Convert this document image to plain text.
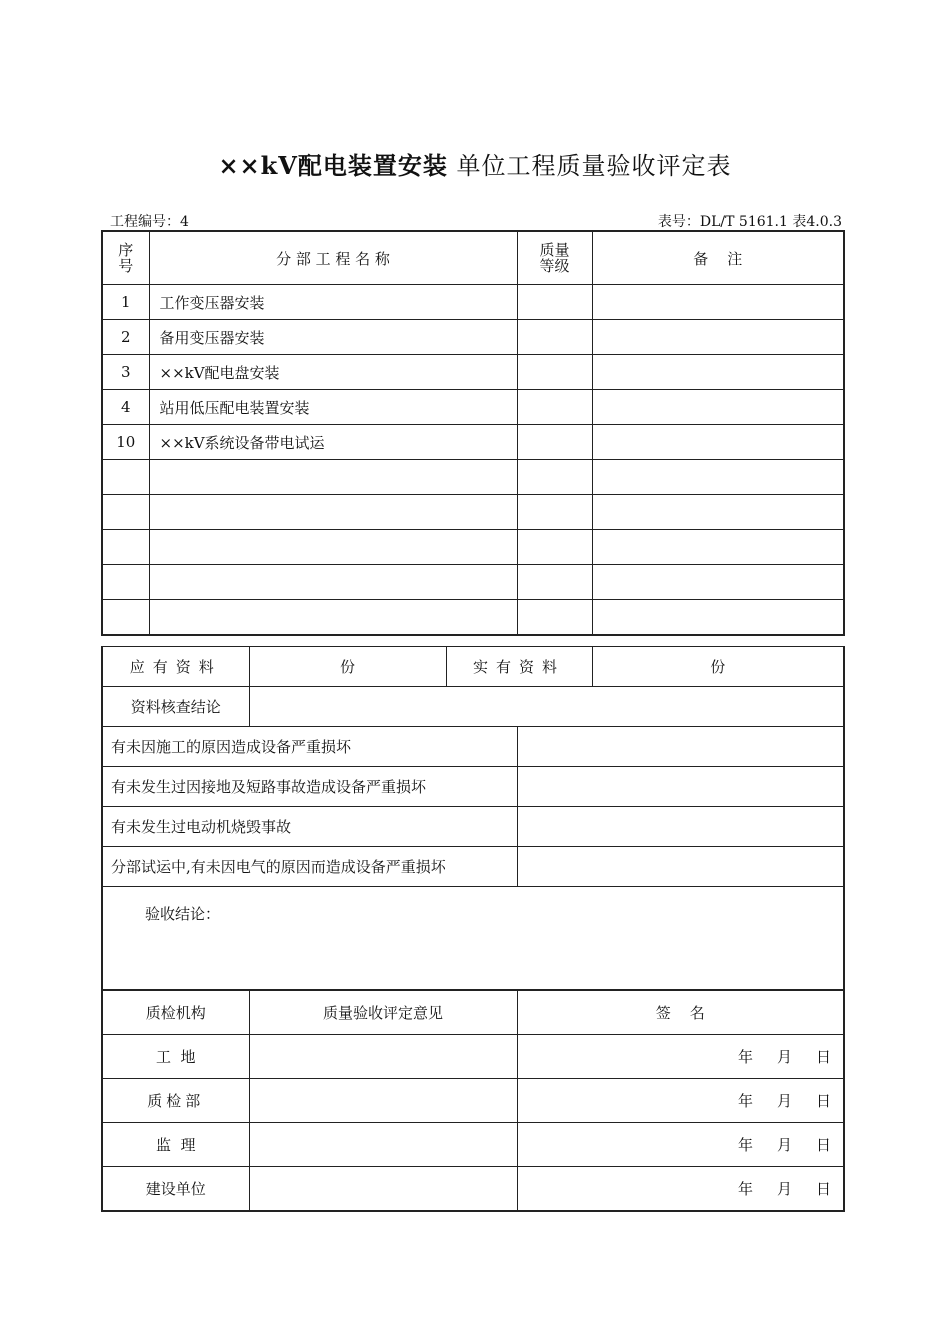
××kV配电装置安装 单位工程质量验收评定表
工程编号：4	表号：DL/T 5161.1 表4.0.3
序号	分 部 工 程 名 称	质量等级	备    注
1	工作变压器安装		
2	备用变压器安装		
3	××kV配电盘安装		
4	站用低压配电装置安装		
10	××kV系统设备带电试运		

应有资料	份	实有资料		份
资料核查结论				
有未因施工的原因造成设备严重损坏				
有未发生过因接地及短路事故造成设备严重损坏				
有未发生过电动机烧毁事故				
分部试运中,有未因电气的原因而造成设备严重损坏				
验收结论：				
质检机构	质量验收评定意见		签    名	
工  地			年 月 日	
质检部			年 月 日	
监  理			年 月 日	
建设单位			年 月 日	
